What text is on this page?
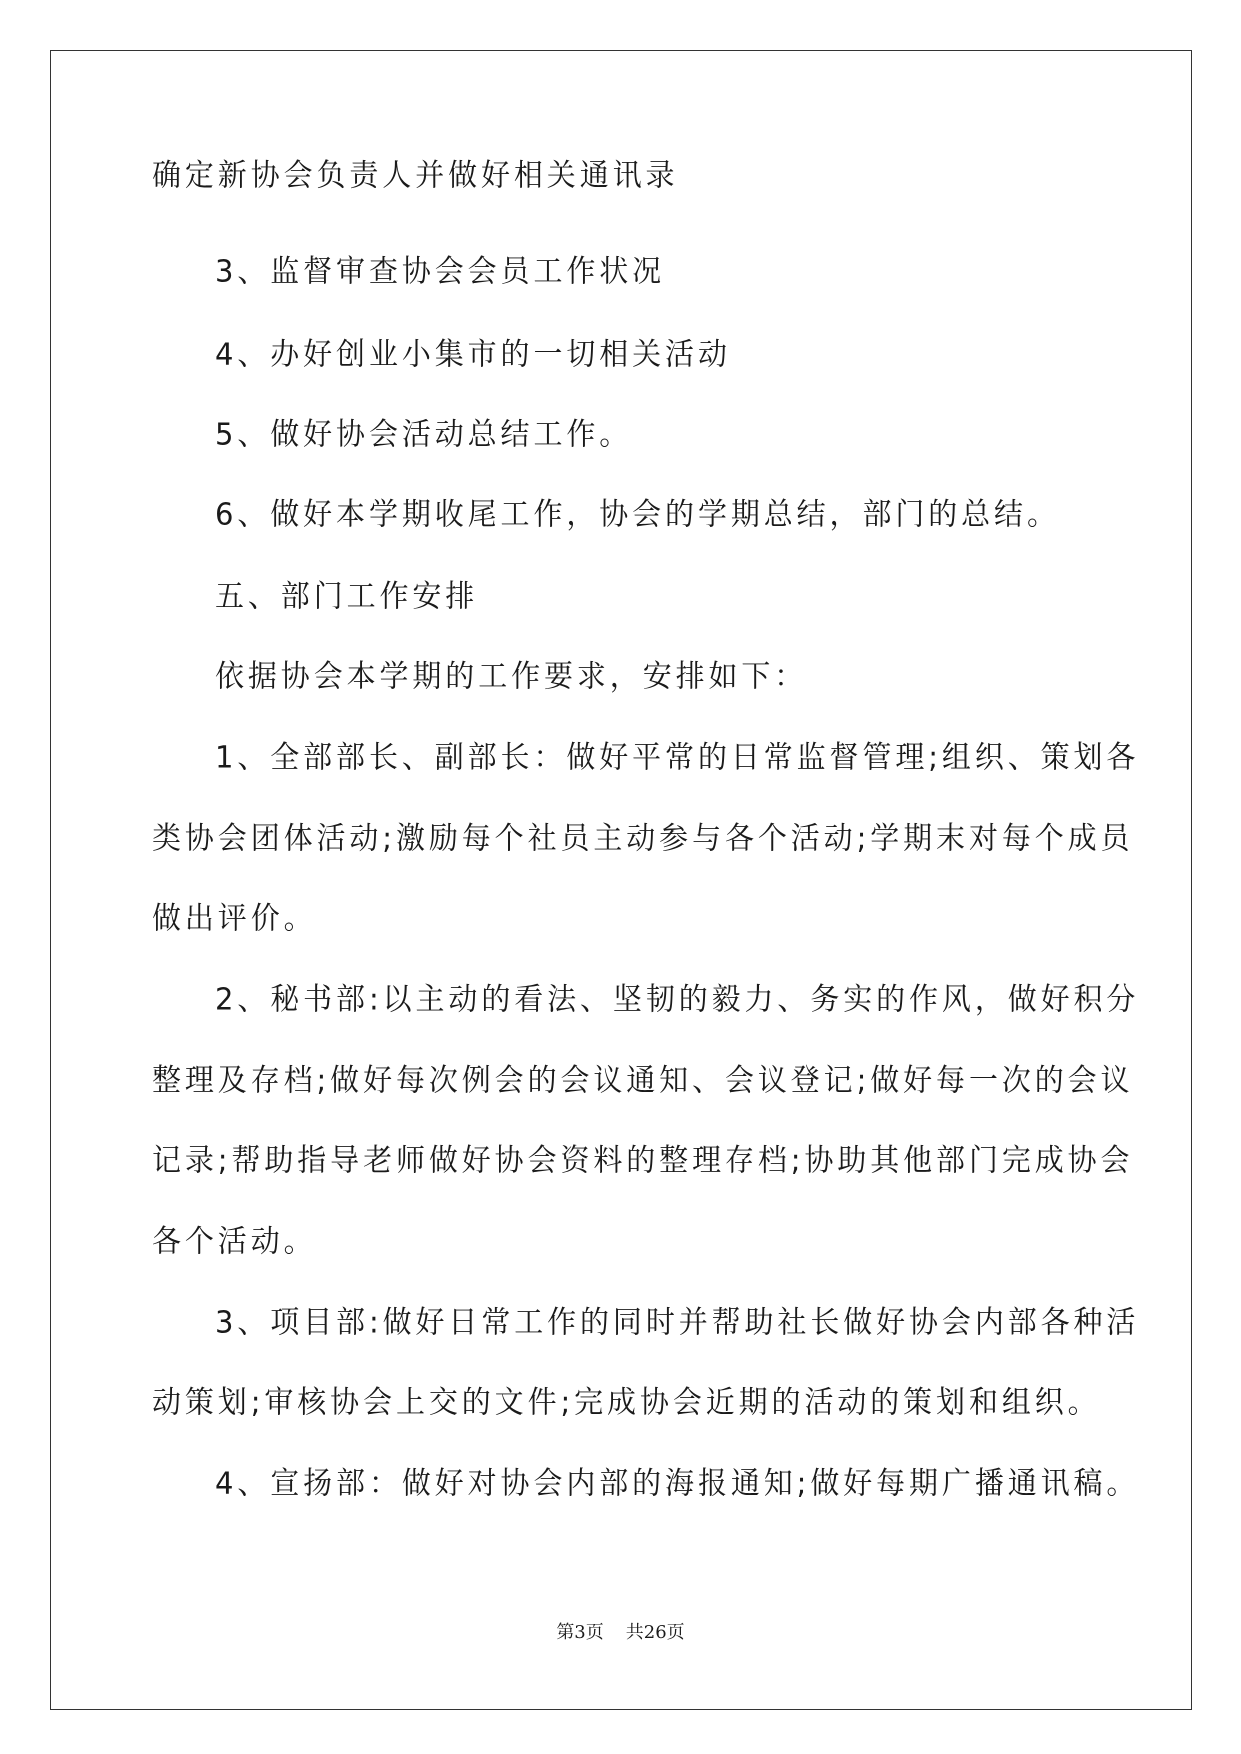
确定新协会负责人并做好相关通讯录
3、监督审查协会会员工作状况
4、办好创业小集市的一切相关活动
5、做好协会活动总结工作。
6、做好本学期收尾工作，协会的学期总结，部门的总结。
五、部门工作安排
依据协会本学期的工作要求，安排如下：
1、全部部长、副部长：做好平常的日常监督管理;组织、策划各
类协会团体活动;激励每个社员主动参与各个活动;学期末对每个成员
做出评价。
2、秘书部:以主动的看法、坚韧的毅力、务实的作风，做好积分
整理及存档;做好每次例会的会议通知、会议登记;做好每一次的会议
记录;帮助指导老师做好协会资料的整理存档;协助其他部门完成协会
各个活动。
3、项目部:做好日常工作的同时并帮助社长做好协会内部各种活
动策划;审核协会上交的文件;完成协会近期的活动的策划和组织。
4、宣扬部：做好对协会内部的海报通知;做好每期广播通讯稿。
第3页 共26页
